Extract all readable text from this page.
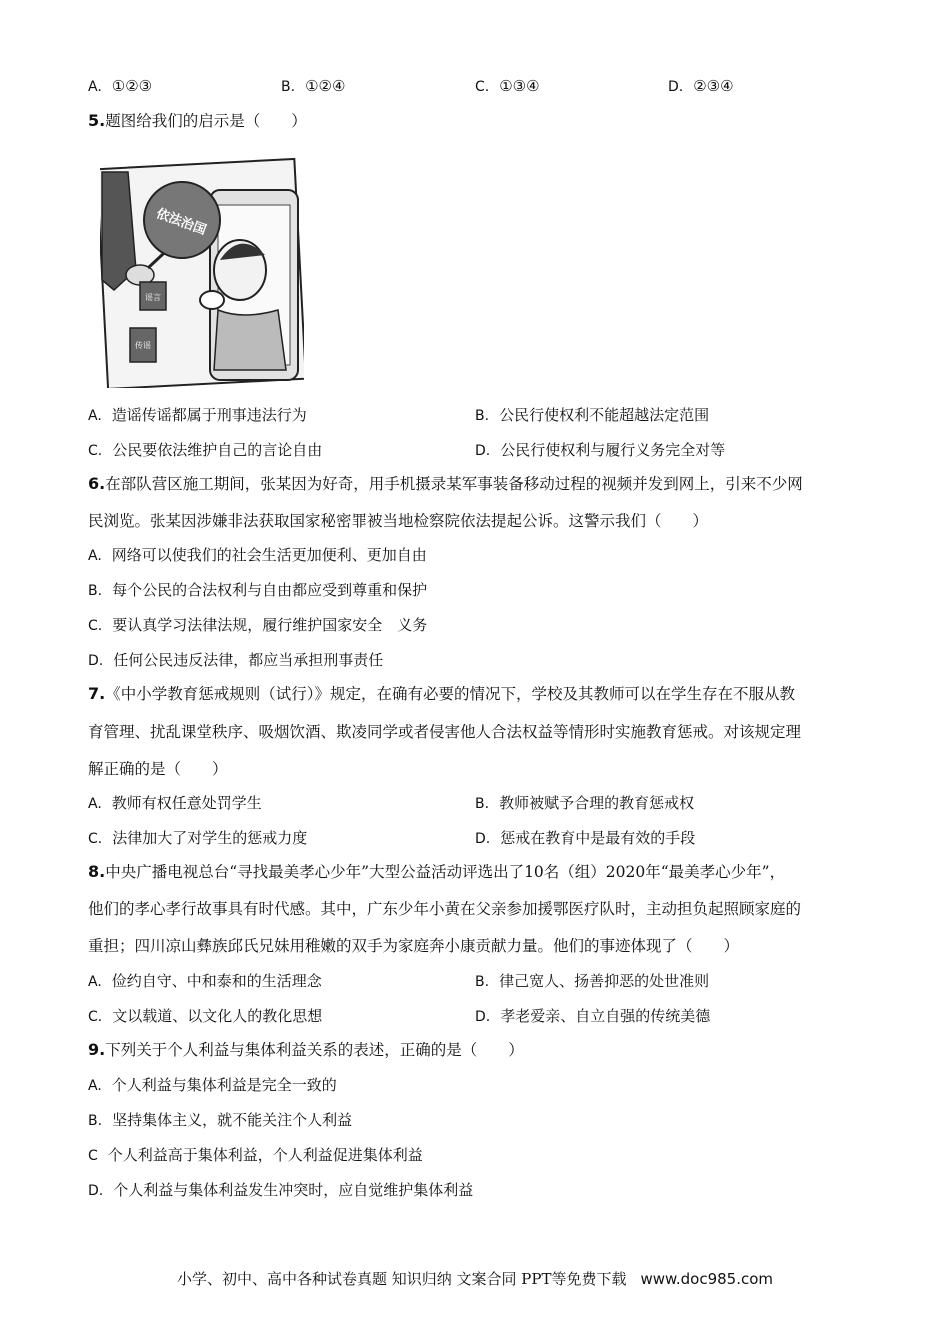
A. ①②③	B. ①②④	C. ①③④	D. ②③④
5.题图给我们的启示是（　　）
依法治国
谣言
传谣
A. 造谣传谣都属于刑事违法行为	B. 公民行使权利不能超越法定范围
C. 公民要依法维护自己的言论自由	D. 公民行使权利与履行义务完全对等
6.在部队营区施工期间，张某因为好奇，用手机摄录某军事装备移动过程的视频并发到网上，引来不少网
民浏览。张某因涉嫌非法获取国家秘密罪被当地检察院依法提起公诉。这警示我们（　　）
A. 网络可以使我们的社会生活更加便利、更加自由
B. 每个公民的合法权利与自由都应受到尊重和保护
C. 要认真学习法律法规，履行维护国家安全　义务
D. 任何公民违反法律，都应当承担刑事责任
7.《中小学教育惩戒规则（试行）》规定，在确有必要的情况下，学校及其教师可以在学生存在不服从教
育管理、扰乱课堂秩序、吸烟饮酒、欺凌同学或者侵害他人合法权益等情形时实施教育惩戒。对该规定理
解正确的是（　　）
A. 教师有权任意处罚学生	B. 教师被赋予合理的教育惩戒权
C. 法律加大了对学生的惩戒力度	D. 惩戒在教育中是最有效的手段
8.中央广播电视总台“寻找最美孝心少年”大型公益活动评选出了10名（组）2020年“最美孝心少年”，
他们的孝心孝行故事具有时代感。其中，广东少年小黄在父亲参加援鄂医疗队时，主动担负起照顾家庭的
重担；四川凉山彝族邱氏兄妹用稚嫩的双手为家庭奔小康贡献力量。他们的事迹体现了（　　）
A. 俭约自守、中和泰和的生活理念	B. 律己宽人、扬善抑恶的处世准则
C. 文以载道、以文化人的教化思想	D. 孝老爱亲、自立自强的传统美德
9.下列关于个人利益与集体利益关系的表述，正确的是（　　）
A. 个人利益与集体利益是完全一致的
B. 坚持集体主义，就不能关注个人利益
C 个人利益高于集体利益，个人利益促进集体利益
D. 个人利益与集体利益发生冲突时，应自觉维护集体利益
小学、初中、高中各种试卷真题 知识归纳 文案合同 PPT等免费下载 www.doc985.com
